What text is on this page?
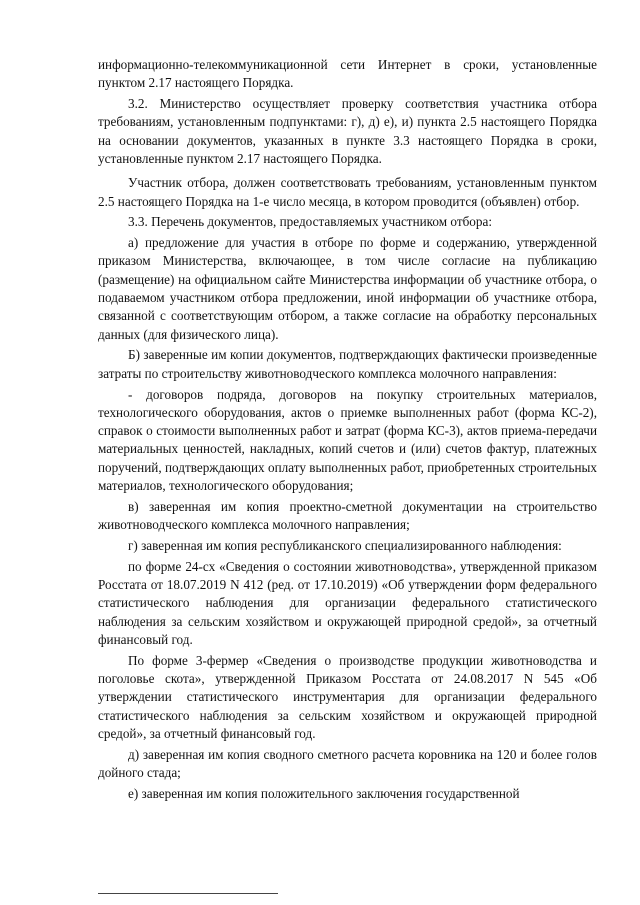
информационно-телекоммуникационной сети Интернет в сроки, установленные пунктом 2.17 настоящего Порядка.

3.2. Министерство осуществляет проверку соответствия участника отбора требованиям, установленным подпунктами: г), д) е), и) пункта 2.5 настоящего Порядка на основании документов, указанных в пункте 3.3 настоящего Порядка в сроки, установленные пунктом 2.17 настоящего Порядка.

Участник отбора, должен соответствовать требованиям, установленным пунктом 2.5 настоящего Порядка на 1-е число месяца, в котором проводится (объявлен) отбор.

3.3. Перечень документов, предоставляемых участником отбора:

а) предложение для участия в отборе по форме и содержанию, утвержденной приказом Министерства, включающее, в том числе согласие на публикацию (размещение) на официальном сайте Министерства информации об участнике отбора, о подаваемом участником отбора предложении, иной информации об участнике отбора, связанной с соответствующим отбором, а также согласие на обработку персональных данных (для физического лица).

Б) заверенные им копии документов, подтверждающих фактически произведенные затраты по строительству животноводческого комплекса молочного направления:

- договоров подряда, договоров на покупку строительных материалов, технологического оборудования, актов о приемке выполненных работ (форма КС-2), справок о стоимости выполненных работ и затрат (форма КС-3), актов приема-передачи материальных ценностей, накладных, копий счетов и (или) счетов фактур, платежных поручений, подтверждающих оплату выполненных работ, приобретенных строительных материалов, технологического оборудования;

в) заверенная им копия проектно-сметной документации на строительство животноводческого комплекса молочного направления;

г) заверенная им копия республиканского специализированного наблюдения:

по форме 24-сх «Сведения о состоянии животноводства», утвержденной приказом Росстата от 18.07.2019 N 412 (ред. от 17.10.2019) «Об утверждении форм федерального статистического наблюдения для организации федерального статистического наблюдения за сельским хозяйством и окружающей природной средой», за отчетный финансовый год.

По форме 3-фермер «Сведения о производстве продукции животноводства и поголовье скота», утвержденной Приказом Росстата от 24.08.2017 N 545 «Об утверждении статистического инструментария для организации федерального статистического наблюдения за сельским хозяйством и окружающей природной средой», за отчетный финансовый год.

д) заверенная им копия сводного сметного расчета коровника на 120 и более голов дойного стада;

е) заверенная им копия положительного заключения государственной
